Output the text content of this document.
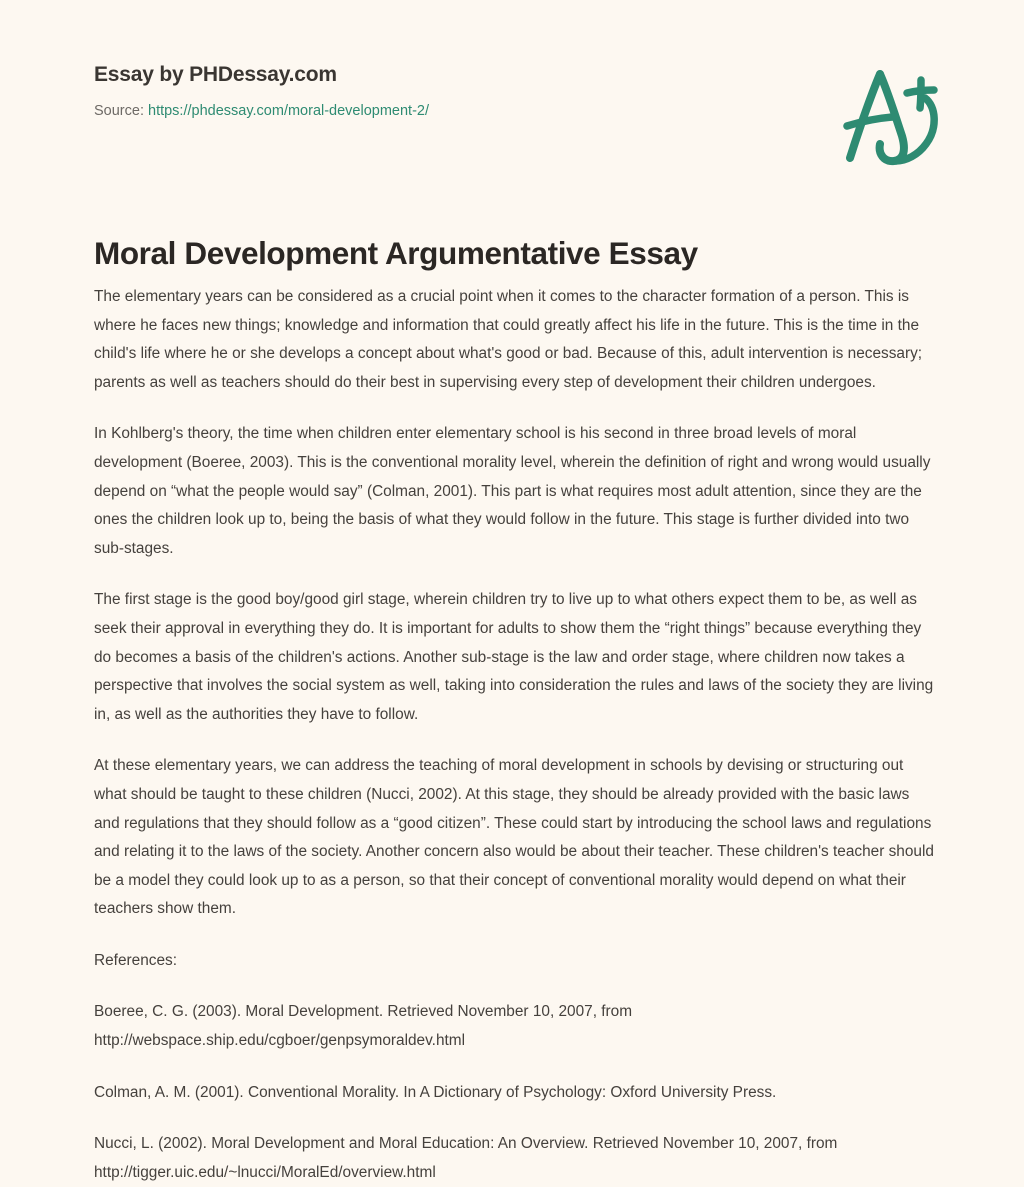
Essay by PHDessay.com
Source: https://phdessay.com/moral-development-2/
Moral Development Argumentative Essay

The elementary years can be considered as a crucial point when it comes to the character formation of a person. This is where he faces new things; knowledge and information that could greatly affect his life in the future. This is the time in the child's life where he or she develops a concept about what's good or bad. Because of this, adult intervention is necessary; parents as well as teachers should do their best in supervising every step of development their children undergoes.

In Kohlberg's theory, the time when children enter elementary school is his second in three broad levels of moral development (Boeree, 2003). This is the conventional morality level, wherein the definition of right and wrong would usually depend on “what the people would say” (Colman, 2001). This part is what requires most adult attention, since they are the ones the children look up to, being the basis of what they would follow in the future. This stage is further divided into two sub-stages.

The first stage is the good boy/good girl stage, wherein children try to live up to what others expect them to be, as well as seek their approval in everything they do. It is important for adults to show them the “right things” because everything they do becomes a basis of the children's actions. Another sub-stage is the law and order stage, where children now takes a perspective that involves the social system as well, taking into consideration the rules and laws of the society they are living in, as well as the authorities they have to follow.

At these elementary years, we can address the teaching of moral development in schools by devising or structuring out what should be taught to these children (Nucci, 2002). At this stage, they should be already provided with the basic laws and regulations that they should follow as a “good citizen”. These could start by introducing the school laws and regulations and relating it to the laws of the society. Another concern also would be about their teacher. These children's teacher should be a model they could look up to as a person, so that their concept of conventional morality would depend on what their teachers show them.

References:

Boeree, C. G. (2003). Moral Development. Retrieved November 10, 2007, from http://webspace.ship.edu/cgboer/genpsymoraldev.html

Colman, A. M. (2001). Conventional Morality. In A Dictionary of Psychology: Oxford University Press.

Nucci, L. (2002). Moral Development and Moral Education: An Overview. Retrieved November 10, 2007, from http://tigger.uic.edu/~lnucci/MoralEd/overview.html
